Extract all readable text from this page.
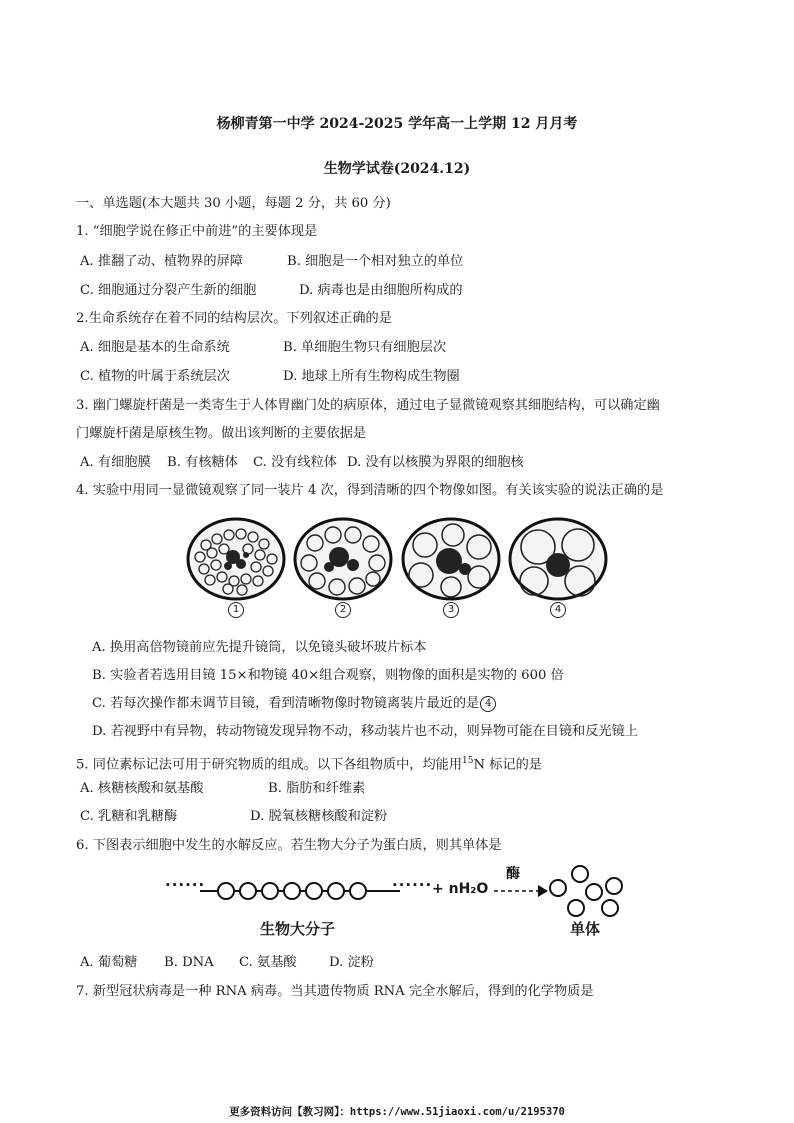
杨柳青第一中学 2024-2025 学年高一上学期 12 月月考
生物学试卷(2024.12)
一、单选题(本大题共 30 小题，每题 2 分，共 60 分)
1. “细胞学说在修正中前进”的主要体现是
A. 推翻了动、植物界的屏障	B. 细胞是一个相对独立的单位
C. 细胞通过分裂产生新的细胞	D. 病毒也是由细胞所构成的
2.生命系统存在着不同的结构层次。下列叙述正确的是
A. 细胞是基本的生命系统	B. 单细胞生物只有细胞层次
C. 植物的叶属于系统层次	D. 地球上所有生物构成生物圈
3. 幽门螺旋杆菌是一类寄生于人体胃幽门处的病原体，通过电子显微镜观察其细胞结构，可以确定幽
门螺旋杆菌是原核生物。做出该判断的主要依据是
A. 有细胞膜 B. 有核糖体 C. 没有线粒体 D. 没有以核膜为界限的细胞核
4. 实验中用同一显微镜观察了同一装片 4 次，得到清晰的四个物像如图。有关该实验的说法正确的是
1	2	3	4
A. 换用高倍物镜前应先提升镜筒，以免镜头破坏玻片标本
B. 实验者若选用目镜 15×和物镜 40×组合观察，则物像的面积是实物的 600 倍
C. 若每次操作都未调节目镜，看到清晰物像时物镜离装片最近的是 4
D. 若视野中有异物，转动物镜发现异物不动，移动装片也不动，则异物可能在目镜和反光镜上
5. 同位素标记法可用于研究物质的组成。以下各组物质中，均能用$^{15}$N 标记的是
A. 核糖核酸和氨基酸	B. 脂肪和纤维素
C. 乳糖和乳糖酶	D. 脱氧核糖核酸和淀粉
6. 下图表示细胞中发生的水解反应。若生物大分子为蛋白质，则其单体是
······	······ + nH₂O
酶
生物大分子	单体
A. 葡萄糖 B. DNA C. 氨基酸 D. 淀粉
7. 新型冠状病毒是一种 RNA 病毒。当其遗传物质 RNA 完全水解后，得到的化学物质是
更多资料访问【教习网】：https://www.51jiaoxi.com/u/2195370
